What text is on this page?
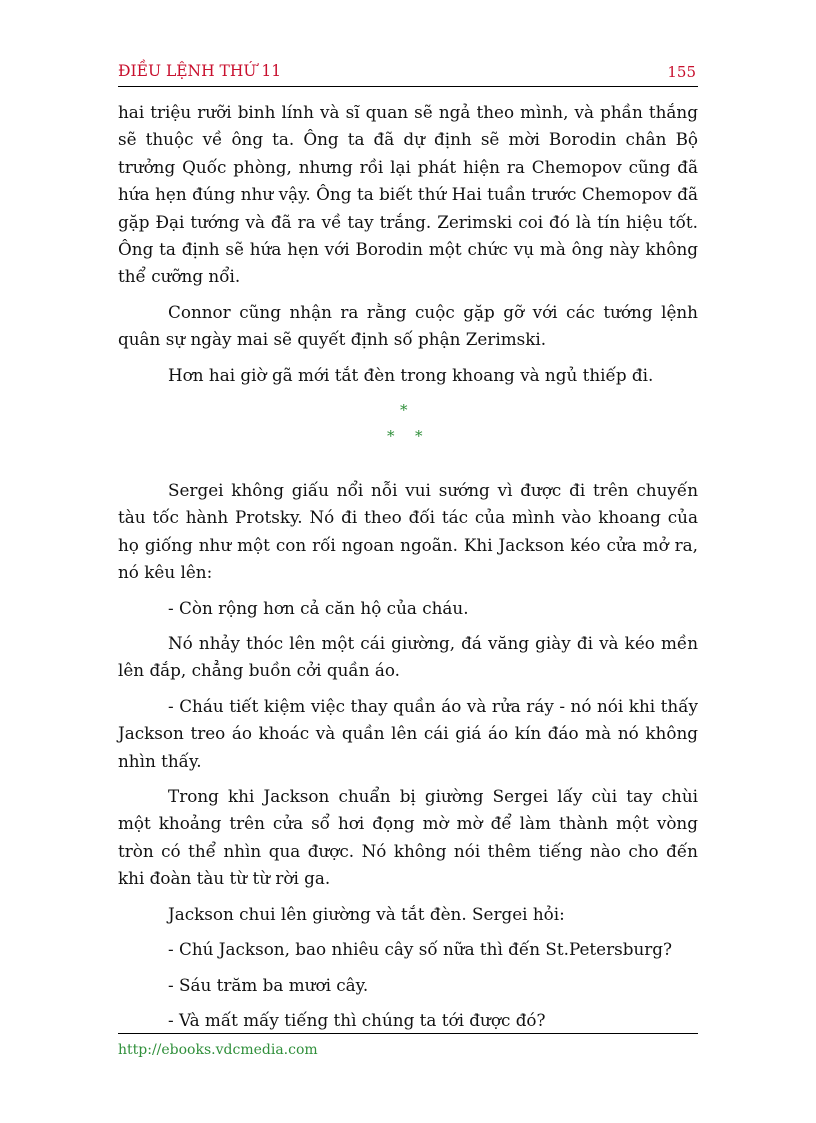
ĐIỀU LỆNH THỨ 11	155

hai triệu rưỡi binh lính và sĩ quan sẽ ngả theo mình, và phần thắng sẽ thuộc về ông ta. Ông ta đã dự định sẽ mời Borodin chân Bộ trưởng Quốc phòng, nhưng rồi lại phát hiện ra Chemopov cũng đã hứa hẹn đúng như vậy. Ông ta biết thứ Hai tuần trước Chemopov đã gặp Đại tướng và đã ra về tay trắng. Zerimski coi đó là tín hiệu tốt. Ông ta định sẽ hứa hẹn với Borodin một chức vụ mà ông này không thể cưỡng nổi.

Connor cũng nhận ra rằng cuộc gặp gỡ với các tướng lệnh quân sự ngày mai sẽ quyết định số phận Zerimski.

Hơn hai giờ gã mới tắt đèn trong khoang và ngủ thiếp đi.

*
* *

Sergei không giấu nổi nỗi vui sướng vì được đi trên chuyến tàu tốc hành Protsky. Nó đi theo đối tác của mình vào khoang của họ giống như một con rối ngoan ngoãn. Khi Jackson kéo cửa mở ra, nó kêu lên:

- Còn rộng hơn cả căn hộ của cháu.

Nó nhảy thóc lên một cái giường, đá văng giày đi và kéo mền lên đắp, chẳng buồn cởi quần áo.

- Cháu tiết kiệm việc thay quần áo và rửa ráy - nó nói khi thấy Jackson treo áo khoác và quần lên cái giá áo kín đáo mà nó không nhìn thấy.

Trong khi Jackson chuẩn bị giường Sergei lấy cùi tay chùi một khoảng trên cửa sổ hơi đọng mờ mờ để làm thành một vòng tròn có thể nhìn qua được. Nó không nói thêm tiếng nào cho đến khi đoàn tàu từ từ rời ga.

Jackson chui lên giường và tắt đèn. Sergei hỏi:

- Chú Jackson, bao nhiêu cây số nữa thì đến St.Petersburg?

- Sáu trăm ba mươi cây.

- Và mất mấy tiếng thì chúng ta tới được đó?

http://ebooks.vdcmedia.com
